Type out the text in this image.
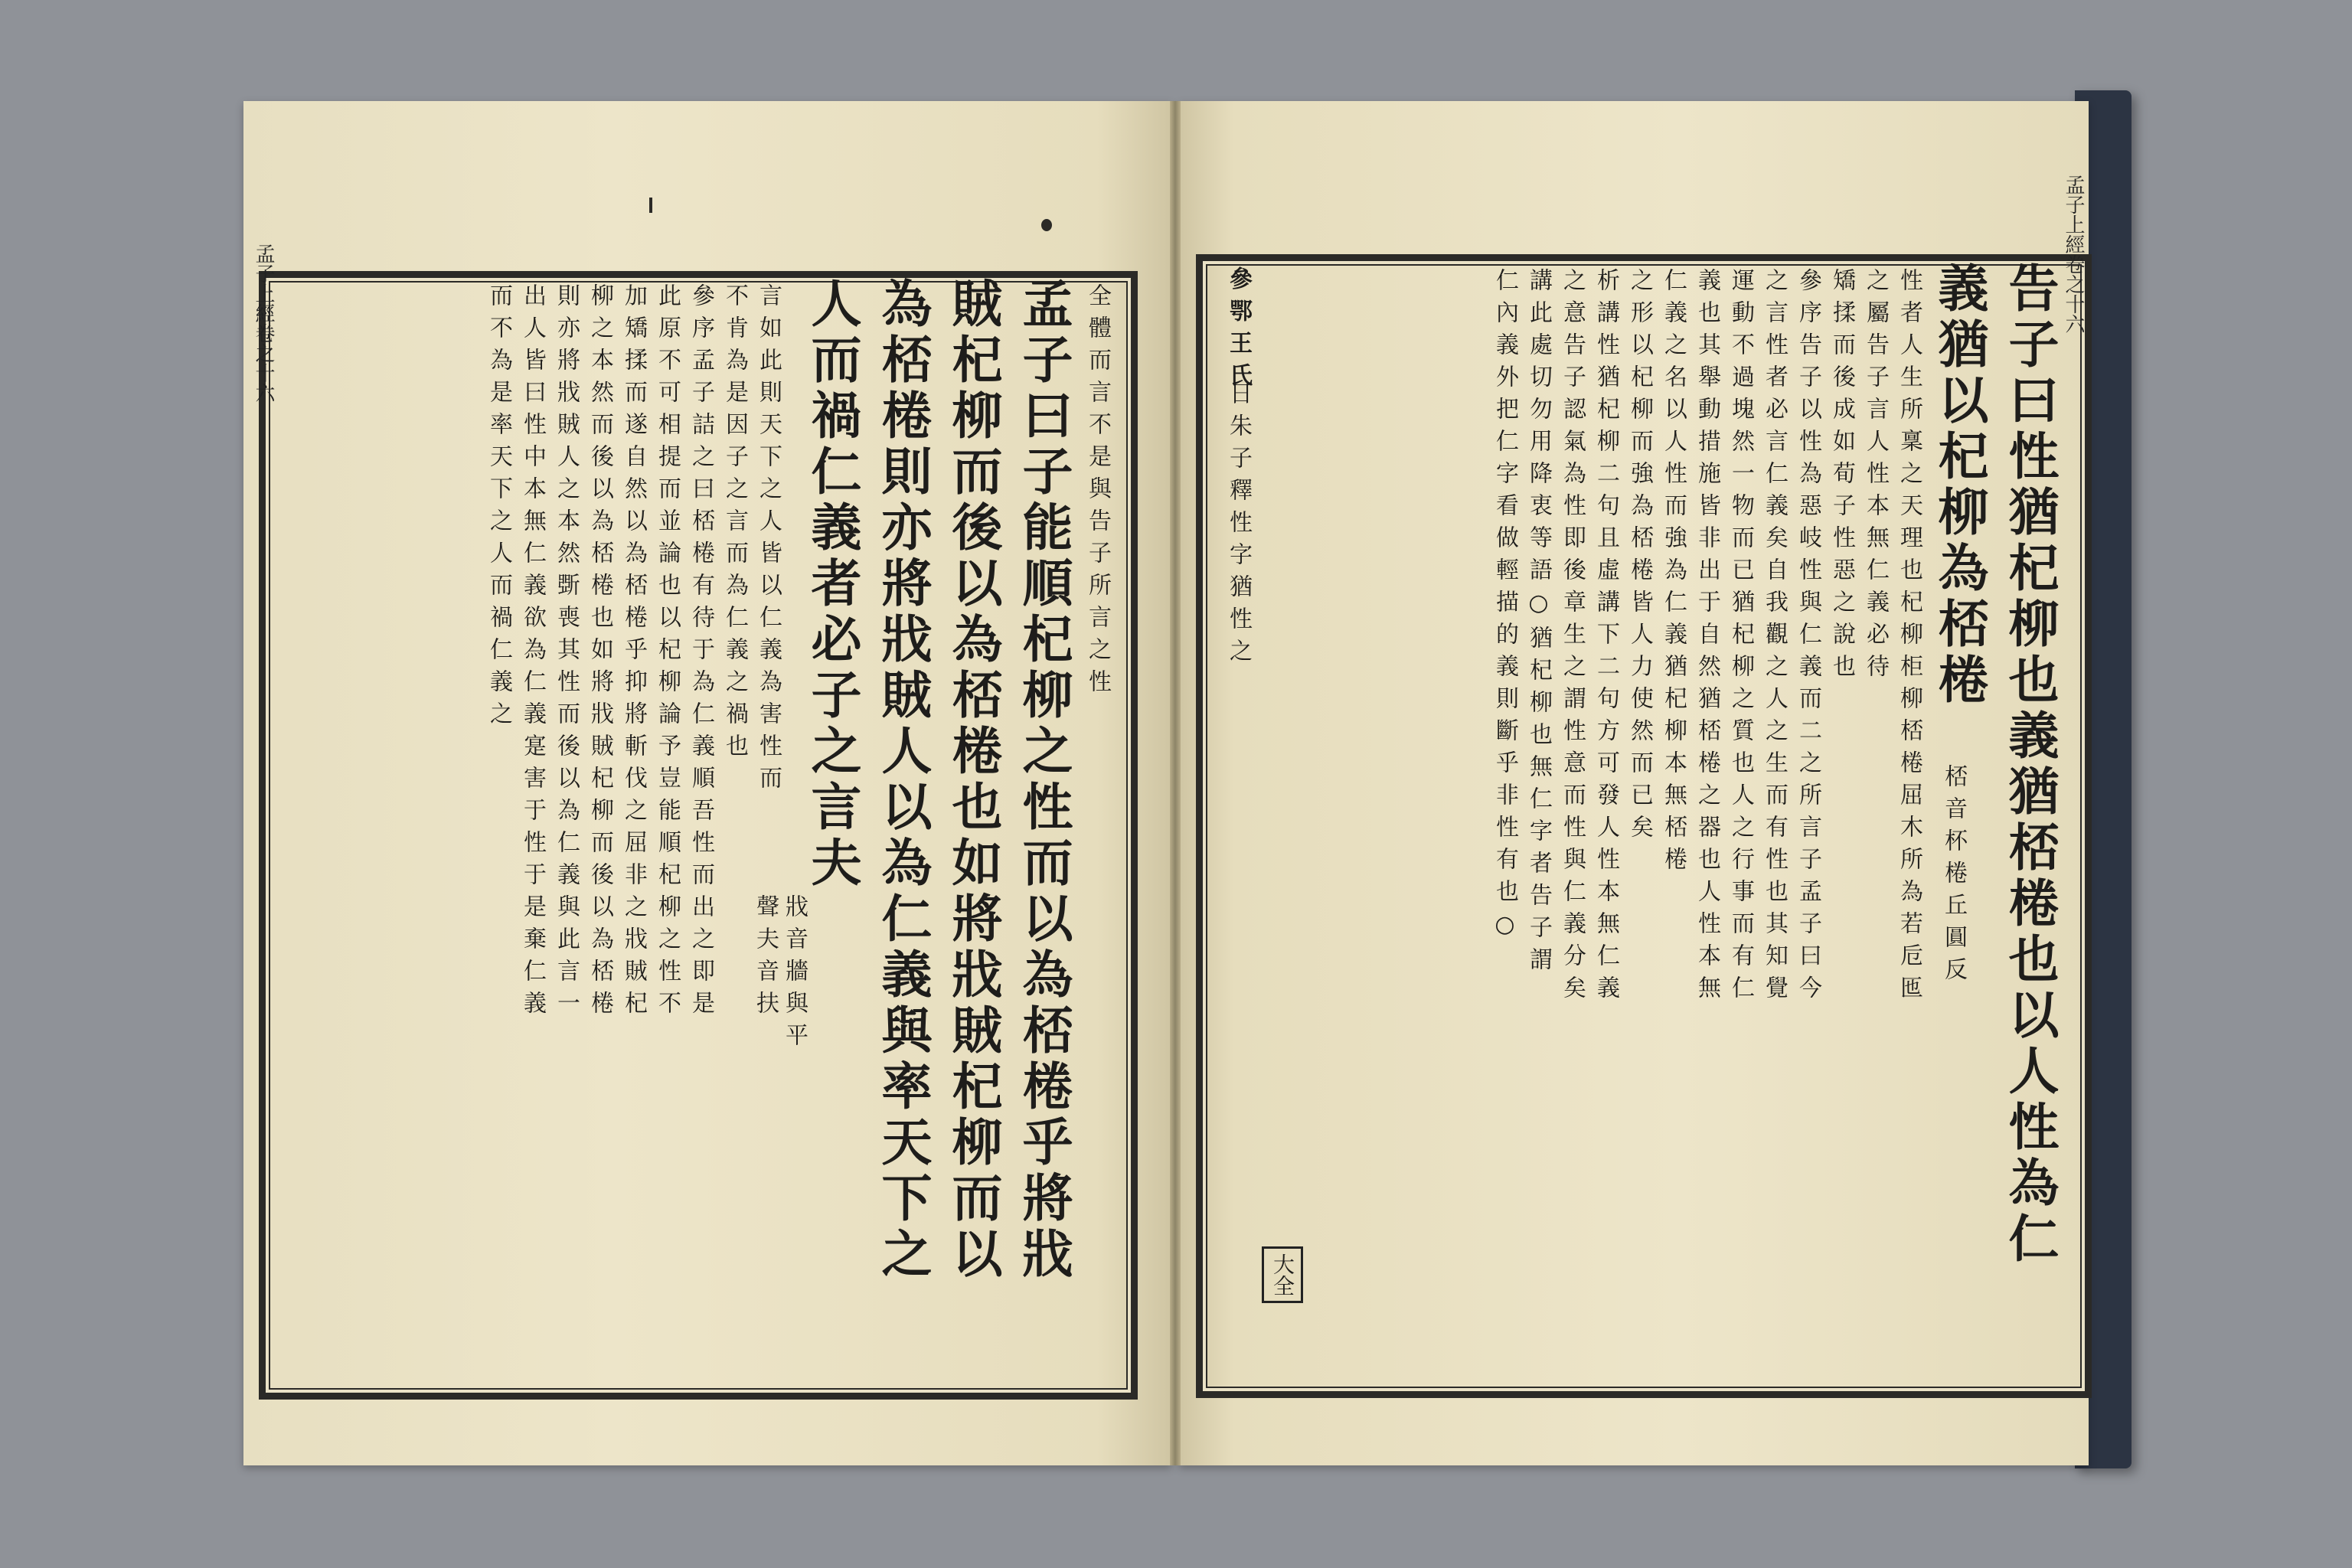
孟子上經卷之十六	孟子上經卷之十六
全體而言不是與告子所言之性
孟子曰子能順杞柳之性而以為桮棬乎將戕
賊杞柳而後以為桮棬也如將戕賊杞柳而以
為桮棬則亦將戕賊人以為仁義與率天下之
人而禍仁義者必子之言夫
戕音牆與平
聲夫音扶
言如此則天下之人皆以仁義為害性而
不肯為是因子之言而為仁義之禍也
參序孟子詰之曰桮棬有待于為仁義順吾性而出之即是
此原不可相提而並論也以杞柳論予豈能順杞柳之性不
加矯揉而遂自然以為桮棬乎抑將斬伐之屈非之戕賊杞
柳之本然而後以為桮棬也如將戕賊杞柳而後以為桮棬
則亦將戕賊人之本然斲喪其性而後以為仁義與此言一
出人皆曰性中本無仁義欲為仁義寔害于性于是棄仁義
而不為是率天下之人而禍仁義之	告子曰性猶杞柳也義猶桮棬也以人性為仁
義猶以杞柳為桮棬
桮音杯棬丘圓反
性者人生所稟之天理也杞柳柜柳桮棬屈木所為若卮匜
之屬告子言人性本無仁義必待
矯揉而後成如荀子性惡之說也
參序告子以性為惡岐性與仁義而二之所言子孟子曰今
之言性者必言仁義矣自我觀之人之生而有性也其知覺
運動不過塊然一物而已猶杞柳之質也人之行事而有仁
義也其舉動措施皆非出于自然猶桮棬之器也人性本無
仁義之名以人性而強為仁義猶杞柳本無桮棬
之形以杞柳而強為桮棬皆人力使然而已矣
析講性猶杞柳二句且虛講下二句方可發人性本無仁義
之意告子認氣為性即後章生之謂性意而性與仁義分矣
講此處切勿用降衷等語○猶杞柳也無仁字者告子謂
仁內義外把仁字看做輕描的義則斷乎非性有也○
參鄂王氏
日朱子釋性字猶性之
大全
